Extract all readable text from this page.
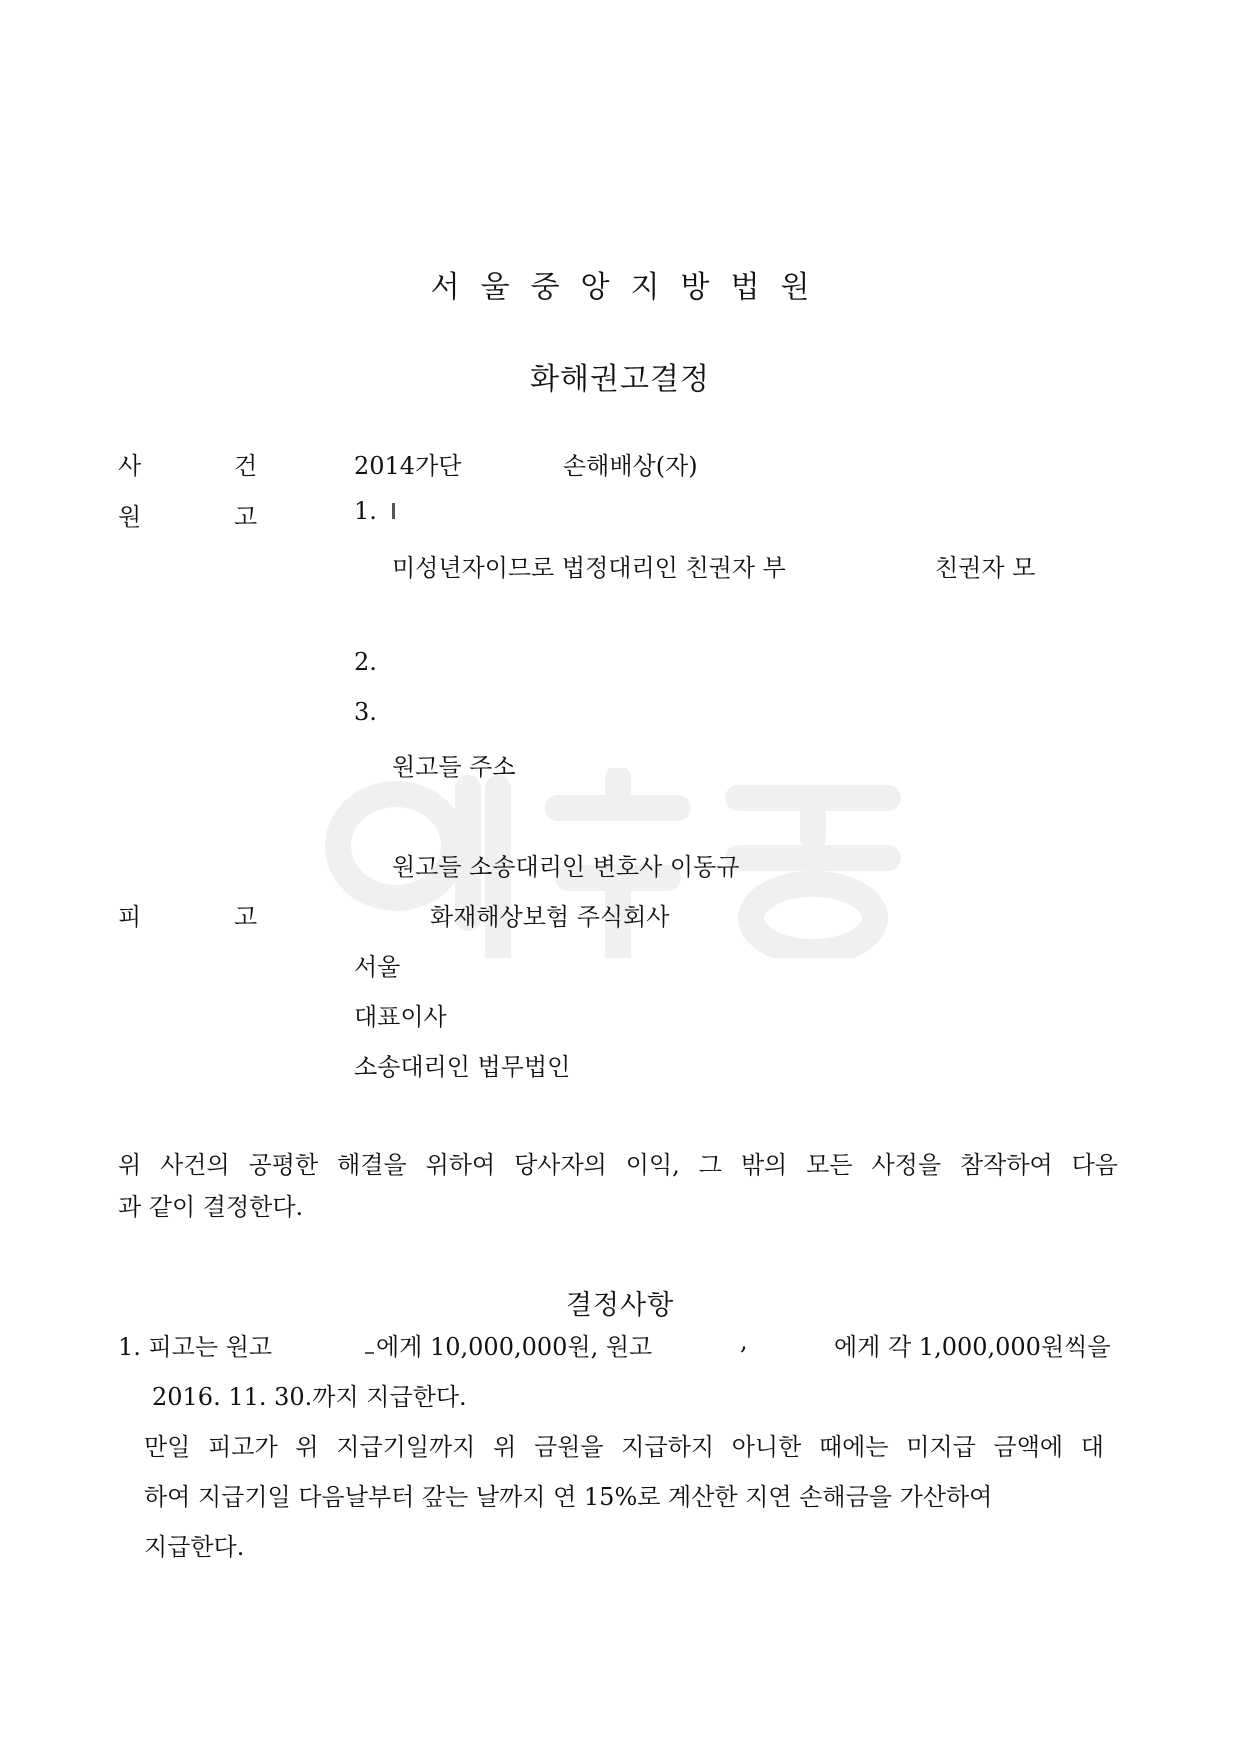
서울중앙지방법원
화해권고결정
사	건	2014가단	손해배상(자)
원	고	1.
미성년자이므로 법정대리인 친권자 부	친권자 모
2.
3.
원고들 주소
원고들 소송대리인 변호사 이동규
피	고	화재해상보험 주식회사
서울
대표이사
소송대리인 법무법인
위 사건의 공평한 해결을 위하여 당사자의 이익, 그 밖의 모든 사정을 참작하여 다음
과 같이 결정한다.
결정사항
1. 피고는 원고	에게 10,000,000원, 원고	,	에게 각 1,000,000원씩을
2016. 11. 30.까지 지급한다.
만일 피고가 위 지급기일까지 위 금원을 지급하지 아니한 때에는 미지급 금액에 대
하여 지급기일 다음날부터 갚는 날까지 연 15%로 계산한 지연 손해금을 가산하여
지급한다.
